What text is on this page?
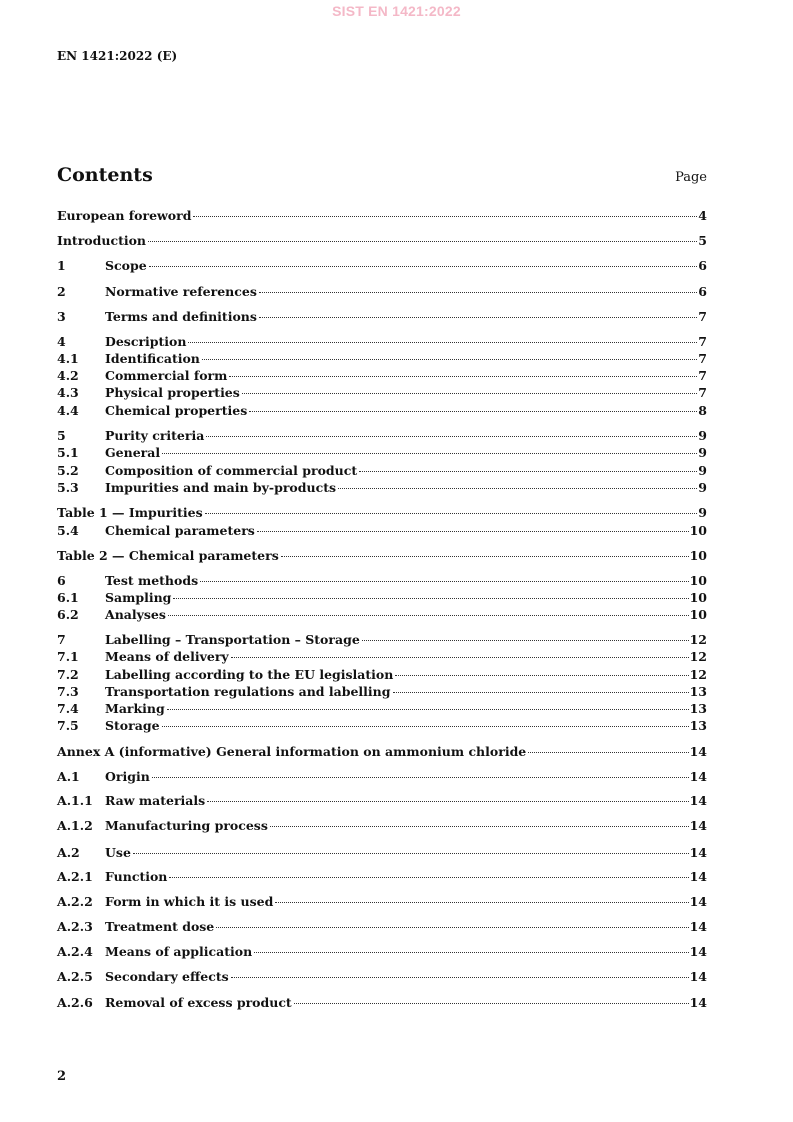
SIST EN 1421:2022
EN 1421:2022 (E)
Contents	Page
European foreword	4
Introduction	5
1	Scope	6
2	Normative references	6
3	Terms and definitions	7
4	Description	7
4.1	Identification	7
4.2	Commercial form	7
4.3	Physical properties	7
4.4	Chemical properties	8
5	Purity criteria	9
5.1	General	9
5.2	Composition of commercial product	9
5.3	Impurities and main by-products	9
Table 1 — Impurities	9
5.4	Chemical parameters	10
Table 2 — Chemical parameters	10
6	Test methods	10
6.1	Sampling	10
6.2	Analyses	10
7	Labelling – Transportation – Storage	12
7.1	Means of delivery	12
7.2	Labelling according to the EU legislation	12
7.3	Transportation regulations and labelling	13
7.4	Marking	13
7.5	Storage	13
Annex A (informative) General information on ammonium chloride	14
A.1	Origin	14
A.1.1 Raw materials	14
A.1.2 Manufacturing process	14
A.2	Use	14
A.2.1 Function	14
A.2.2 Form in which it is used	14
A.2.3 Treatment dose	14
A.2.4 Means of application	14
A.2.5 Secondary effects	14
A.2.6 Removal of excess product	14
2
